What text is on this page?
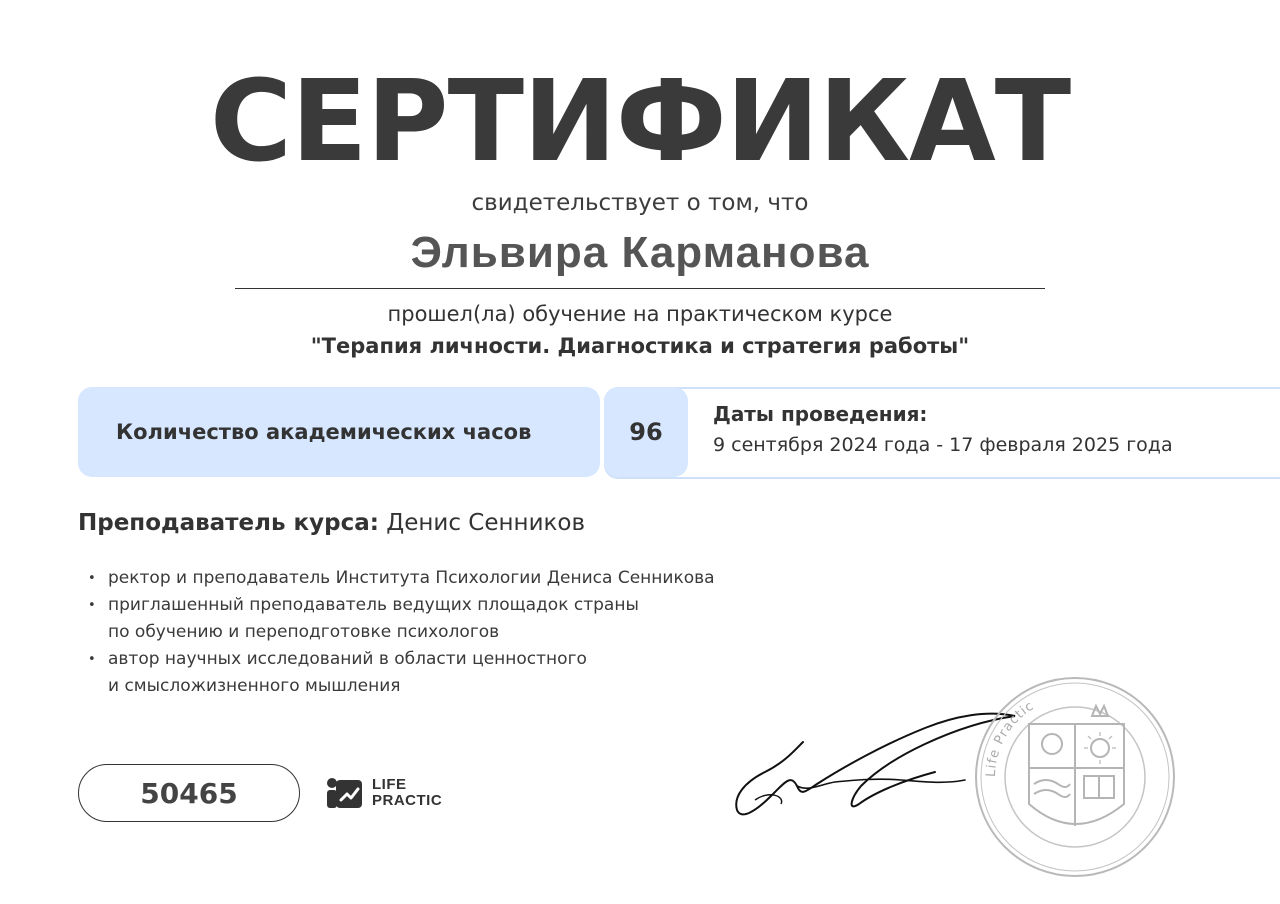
СЕРТИФИКАТ
свидетельствует о том, что
Эльвира Карманова
прошел(ла) обучение на практическом курсе
"Терапия личности. Диагностика и стратегия работы"
Количество академических часов	96
Даты проведения:
9 сентября 2024 года - 17 февраля 2025 года
Преподаватель курса: Денис Сенников
• ректор и преподаватель Института Психологии Дениса Сенникова
• приглашенный преподаватель ведущих площадок страны
по обучению и переподготовке психологов
• автор научных исследований в области ценностного
и смысложизненного мышления
50465	LIFE
PRACTIC
Life Practic
